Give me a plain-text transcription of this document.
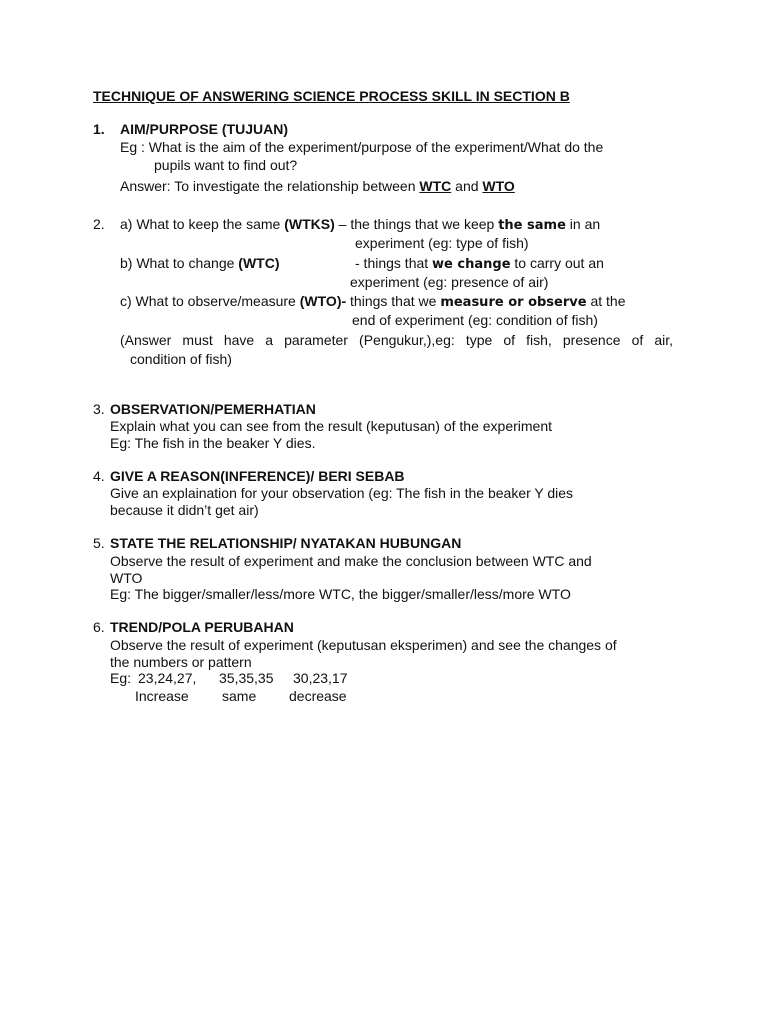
TECHNIQUE OF ANSWERING SCIENCE PROCESS SKILL IN SECTION B
1. AIM/PURPOSE (TUJUAN)
Eg : What is the aim of the experiment/purpose of the experiment/What do the
pupils want to find out?
Answer: To investigate the relationship between WTC and WTO
2. a) What to keep the same (WTKS) – the things that we keep the same in an
experiment (eg: type of fish)
b) What to change (WTC)	- things that we change to carry out an
experiment (eg: presence of air)
c) What to observe/measure (WTO)- things that we measure or observe at the
end of experiment (eg: condition of fish)
(Answer must have a parameter (Pengukur,),eg: type of fish, presence of air,
condition of fish)
3. OBSERVATION/PEMERHATIAN
Explain what you can see from the result (keputusan) of the experiment
Eg: The fish in the beaker Y dies.
4. GIVE A REASON(INFERENCE)/ BERI SEBAB
Give an explaination for your observation (eg: The fish in the beaker Y dies
because it didn’t get air)
5. STATE THE RELATIONSHIP/ NYATAKAN HUBUNGAN
Observe the result of experiment and make the conclusion between WTC and
WTO
Eg: The bigger/smaller/less/more WTC, the bigger/smaller/less/more WTO
6. TREND/POLA PERUBAHAN
Observe the result of experiment (keputusan eksperimen) and see the changes of
the numbers or pattern
Eg: 23,24,27, 35,35,35 30,23,17
Increase same decrease
